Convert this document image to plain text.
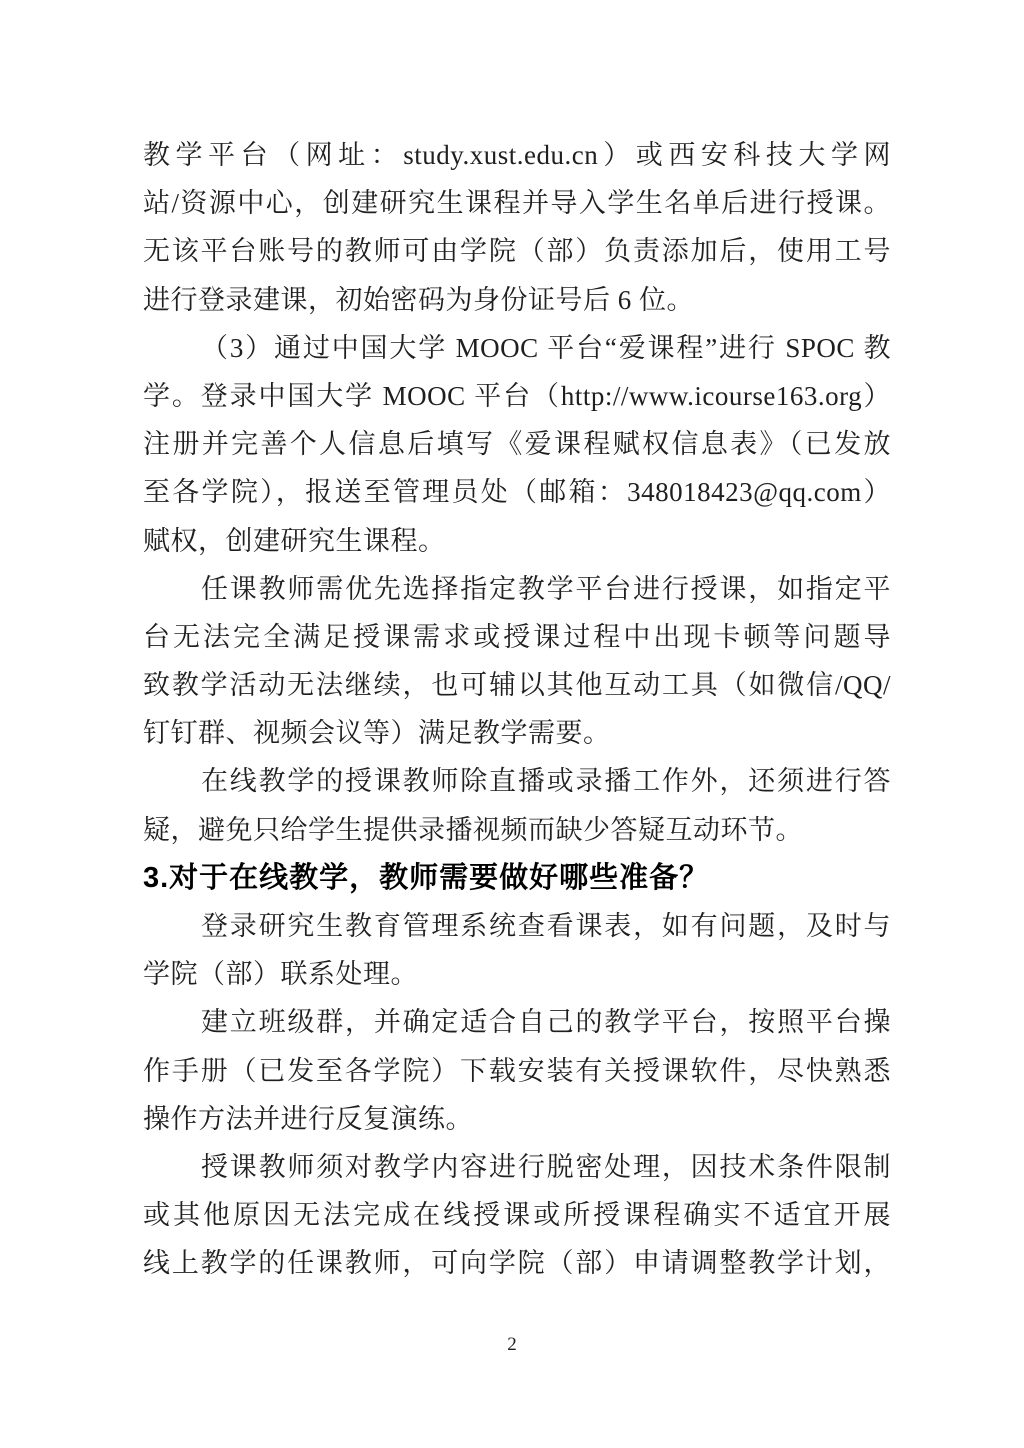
教学平台（网址：study.xust.edu.cn）或西安科技大学网
站/资源中心，创建研究生课程并导入学生名单后进行授课。
无该平台账号的教师可由学院（部）负责添加后，使用工号
进行登录建课，初始密码为身份证号后 6 位。
（3）通过中国大学 MOOC 平台“爱课程”进行 SPOC 教
学。登录中国大学 MOOC 平台（http://www.icourse163.org）
注册并完善个人信息后填写《爱课程赋权信息表》（已发放
至各学院），报送至管理员处（邮箱：348018423@qq.com）
赋权，创建研究生课程。
任课教师需优先选择指定教学平台进行授课，如指定平
台无法完全满足授课需求或授课过程中出现卡顿等问题导
致教学活动无法继续，也可辅以其他互动工具（如微信/QQ/
钉钉群、视频会议等）满足教学需要。
在线教学的授课教师除直播或录播工作外，还须进行答
疑，避免只给学生提供录播视频而缺少答疑互动环节。
3.对于在线教学，教师需要做好哪些准备？
登录研究生教育管理系统查看课表，如有问题，及时与
学院（部）联系处理。
建立班级群，并确定适合自己的教学平台，按照平台操
作手册（已发至各学院）下载安装有关授课软件，尽快熟悉
操作方法并进行反复演练。
授课教师须对教学内容进行脱密处理，因技术条件限制
或其他原因无法完成在线授课或所授课程确实不适宜开展
线上教学的任课教师，可向学院（部）申请调整教学计划，
2
